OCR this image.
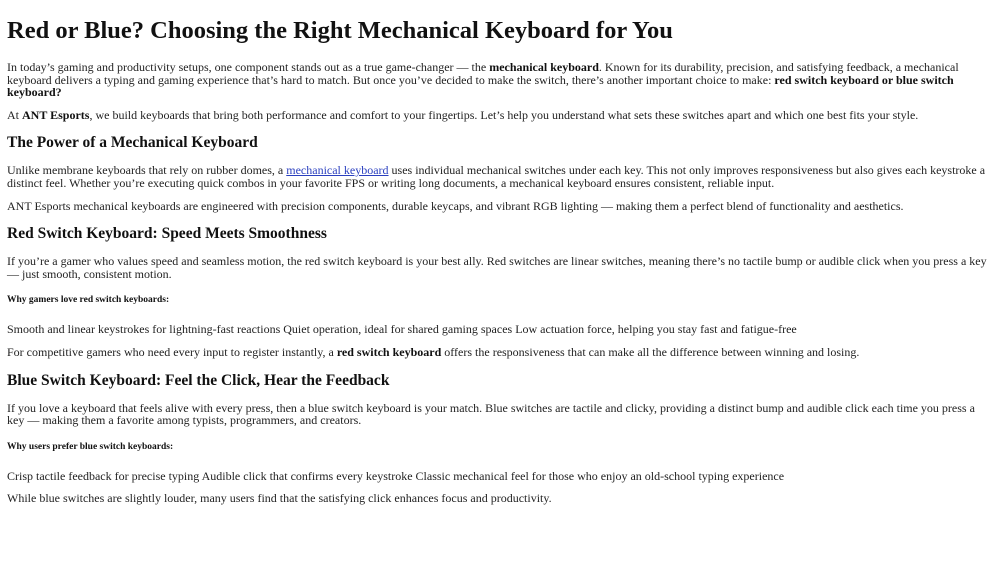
Red or Blue? Choosing the Right Mechanical Keyboard for You

In today’s gaming and productivity setups, one component stands out as a true game-changer — the mechanical keyboard. Known for its durability, precision, and satisfying feedback, a mechanical keyboard delivers a typing and gaming experience that’s hard to match. But once you’ve decided to make the switch, there’s another important choice to make: red switch keyboard or blue switch keyboard?

At ANT Esports, we build keyboards that bring both performance and comfort to your fingertips. Let’s help you understand what sets these switches apart and which one best fits your style.

The Power of a Mechanical Keyboard

Unlike membrane keyboards that rely on rubber domes, a mechanical keyboard uses individual mechanical switches under each key. This not only improves responsiveness but also gives each keystroke a distinct feel. Whether you’re executing quick combos in your favorite FPS or writing long documents, a mechanical keyboard ensures consistent, reliable input.

ANT Esports mechanical keyboards are engineered with precision components, durable keycaps, and vibrant RGB lighting — making them a perfect blend of functionality and aesthetics.

Red Switch Keyboard: Speed Meets Smoothness

If you’re a gamer who values speed and seamless motion, the red switch keyboard is your best ally. Red switches are linear switches, meaning there’s no tactile bump or audible click when you press a key — just smooth, consistent motion.

Why gamers love red switch keyboards:

Smooth and linear keystrokes for lightning-fast reactions Quiet operation, ideal for shared gaming spaces Low actuation force, helping you stay fast and fatigue-free

For competitive gamers who need every input to register instantly, a red switch keyboard offers the responsiveness that can make all the difference between winning and losing.

Blue Switch Keyboard: Feel the Click, Hear the Feedback

If you love a keyboard that feels alive with every press, then a blue switch keyboard is your match. Blue switches are tactile and clicky, providing a distinct bump and audible click each time you press a key — making them a favorite among typists, programmers, and creators.

Why users prefer blue switch keyboards:

Crisp tactile feedback for precise typing Audible click that confirms every keystroke Classic mechanical feel for those who enjoy an old-school typing experience

While blue switches are slightly louder, many users find that the satisfying click enhances focus and productivity.
